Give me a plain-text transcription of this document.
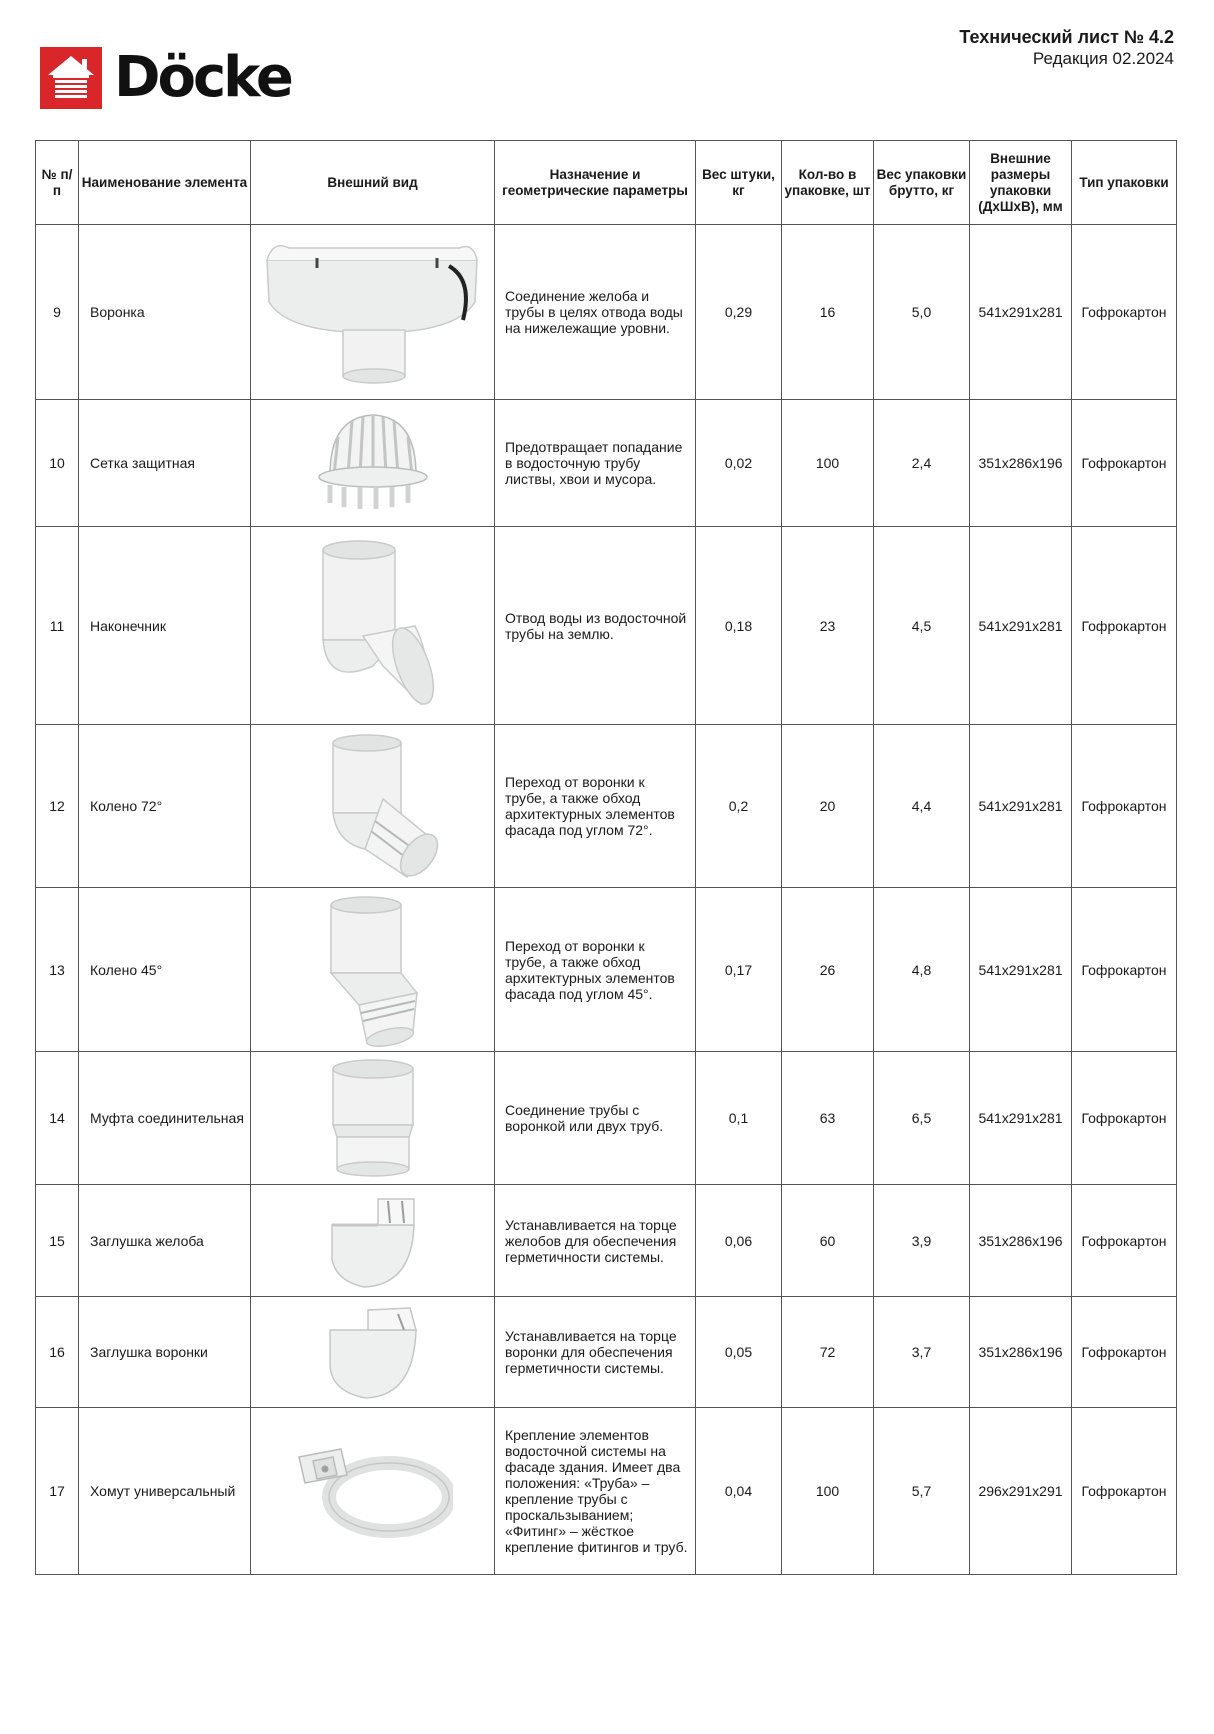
Döcke
Технический лист № 4.2
Редакция 02.2024
№ п/п	Наименование элемента	Внешний вид	Назначение и геометрические параметры	Вес штуки, кг	Кол-во в упаковке, шт	Вес упаковки брутто, кг	Внешние размеры упаковки (ДхШхВ), мм	Тип упаковки
9	Воронка		Соединение желоба и трубы в целях отвода воды на нижележащие уровни.	0,29	16	5,0	541x291x281	Гофрокартон
10	Сетка защитная		Предотвращает попадание в водосточную трубу листвы, хвои и мусора.	0,02	100	2,4	351x286x196	Гофрокартон
11	Наконечник		Отвод воды из водосточной трубы на землю.	0,18	23	4,5	541x291x281	Гофрокартон
12	Колено 72°		Переход от воронки к трубе, а также обход архитектурных элементов фасада под углом 72°.	0,2	20	4,4	541x291x281	Гофрокартон
13	Колено 45°		Переход от воронки к трубе, а также обход архитектурных элементов фасада под углом 45°.	0,17	26	4,8	541x291x281	Гофрокартон
14	Муфта соединительная		Соединение трубы с воронкой или двух труб.	0,1	63	6,5	541x291x281	Гофрокартон
15	Заглушка желоба		Устанавливается на торце желобов для обеспечения герметичности системы.	0,06	60	3,9	351x286x196	Гофрокартон
16	Заглушка воронки		Устанавливается на торце воронки для обеспечения герметичности системы.	0,05	72	3,7	351x286x196	Гофрокартон
17	Хомут универсальный		Крепление элементов водосточной системы на фасаде здания. Имеет два положения: «Труба» – крепление трубы с проскальзыванием; «Фитинг» – жёсткое крепление фитингов и труб.	0,04	100	5,7	296x291x291	Гофрокартон
